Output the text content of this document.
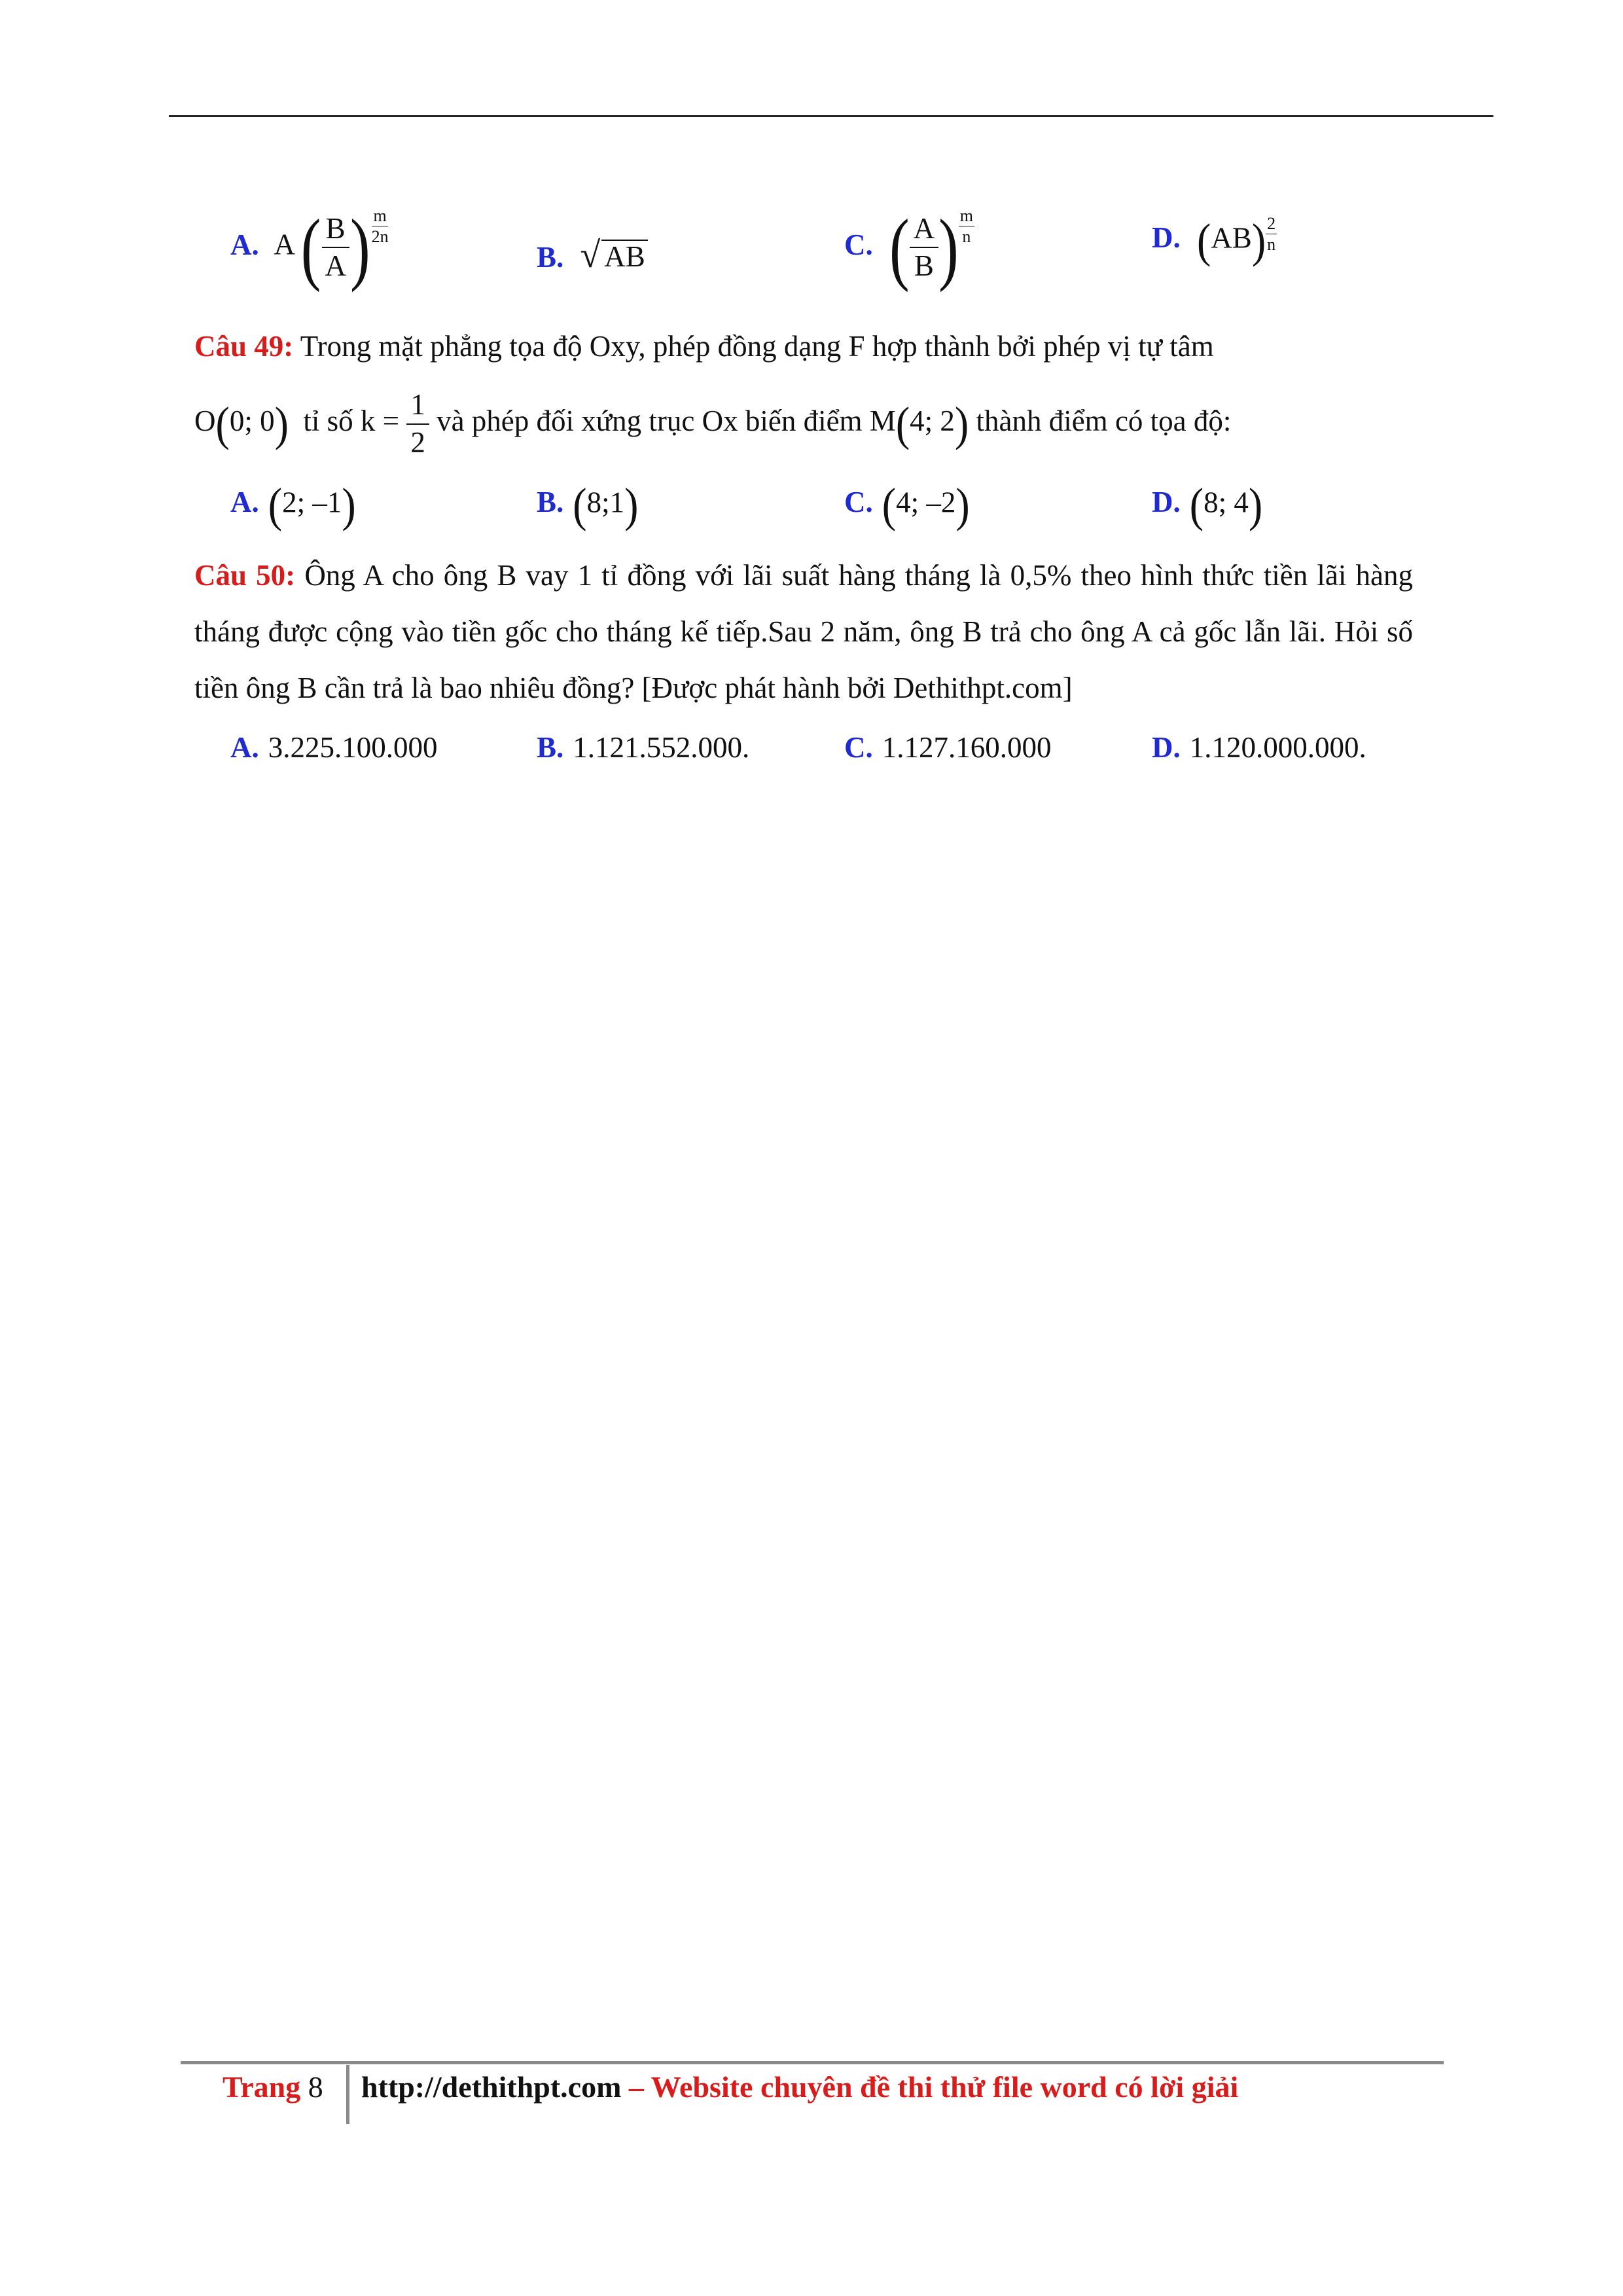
A. A ( $\frac{B}{A}$ ) $\frac{m}{2n}$
B. √ AB	C. ( $\frac{A}{B}$ ) $\frac{m}{n}$	D. $(AB) \frac{2}{n}$
Câu 49: Trong mặt phẳng tọa độ Oxy, phép đồng dạng F hợp thành bởi phép vị tự tâm
O(0; 0) tỉ số $k = \frac{1}{2}$ và phép đối xứng trục Ox biến điểm M(4; 2) thành điểm có tọa độ:
A. (2; –1)	B. (8;1)	C. (4; –2)	D. (8; 4)
Câu 50: Ông A cho ông B vay 1 tỉ đồng với lãi suất hàng tháng là 0,5% theo hình thức tiền lãi hàng tháng được cộng vào tiền gốc cho tháng kế tiếp.Sau 2 năm, ông B trả cho ông A cả gốc lẫn lãi. Hỏi số tiền ông B cần trả là bao nhiêu đồng? [Được phát hành bởi Dethithpt.com]
A. 3.225.100.000	B. 1.121.552.000.	C. 1.127.160.000	D. 1.120.000.000.
Trang 8 http://dethithpt.com – Website chuyên đề thi thử file word có lời giải
